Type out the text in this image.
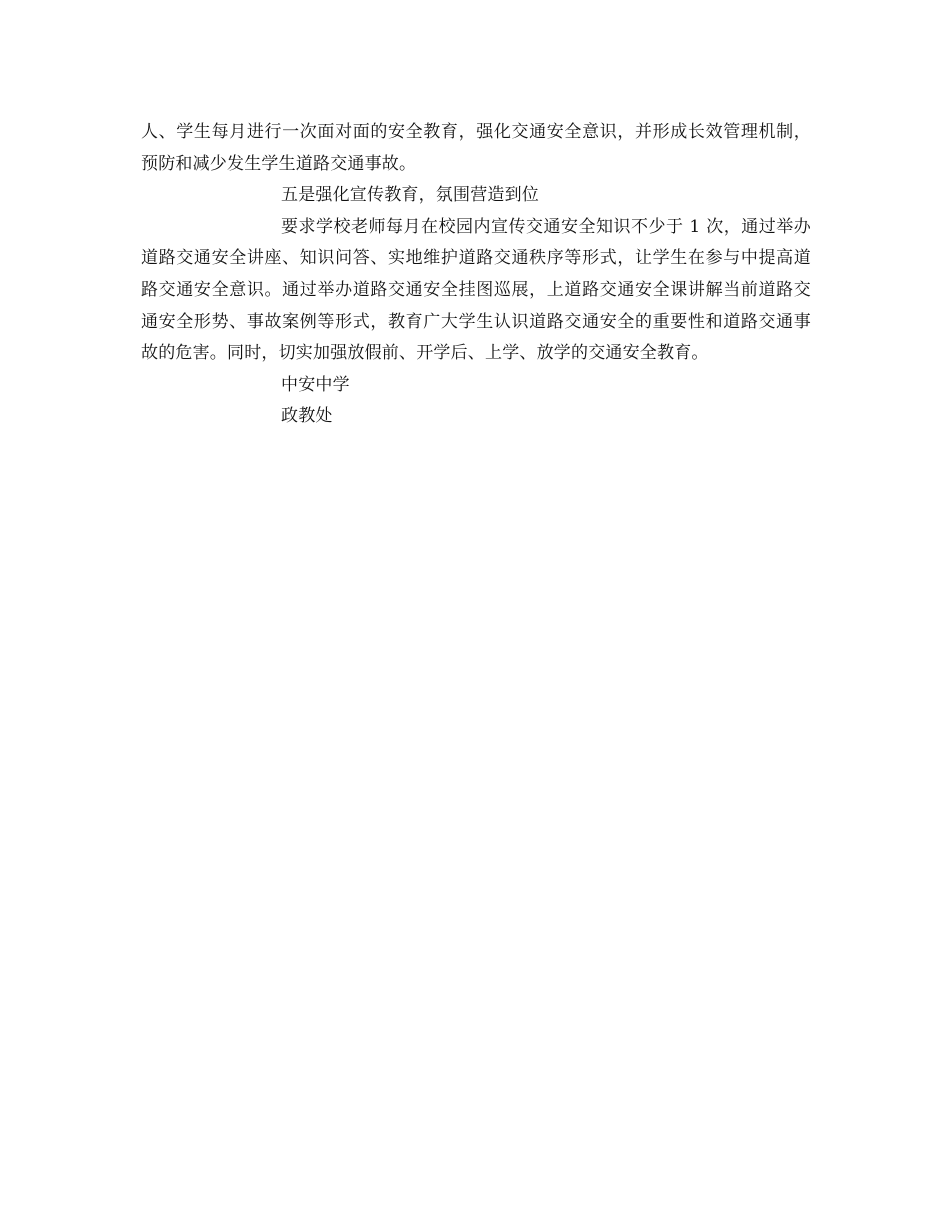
人、学生每月进行一次面对面的安全教育，强化交通安全意识，并形成长效管理机制，预防和减少发生学生道路交通事故。

五是强化宣传教育，氛围营造到位

要求学校老师每月在校园内宣传交通安全知识不少于 1 次，通过举办道路交通安全讲座、知识问答、实地维护道路交通秩序等形式，让学生在参与中提高道路交通安全意识。通过举办道路交通安全挂图巡展，上道路交通安全课讲解当前道路交通安全形势、事故案例等形式，教育广大学生认识道路交通安全的重要性和道路交通事故的危害。同时，切实加强放假前、开学后、上学、放学的交通安全教育。

中安中学

政教处
